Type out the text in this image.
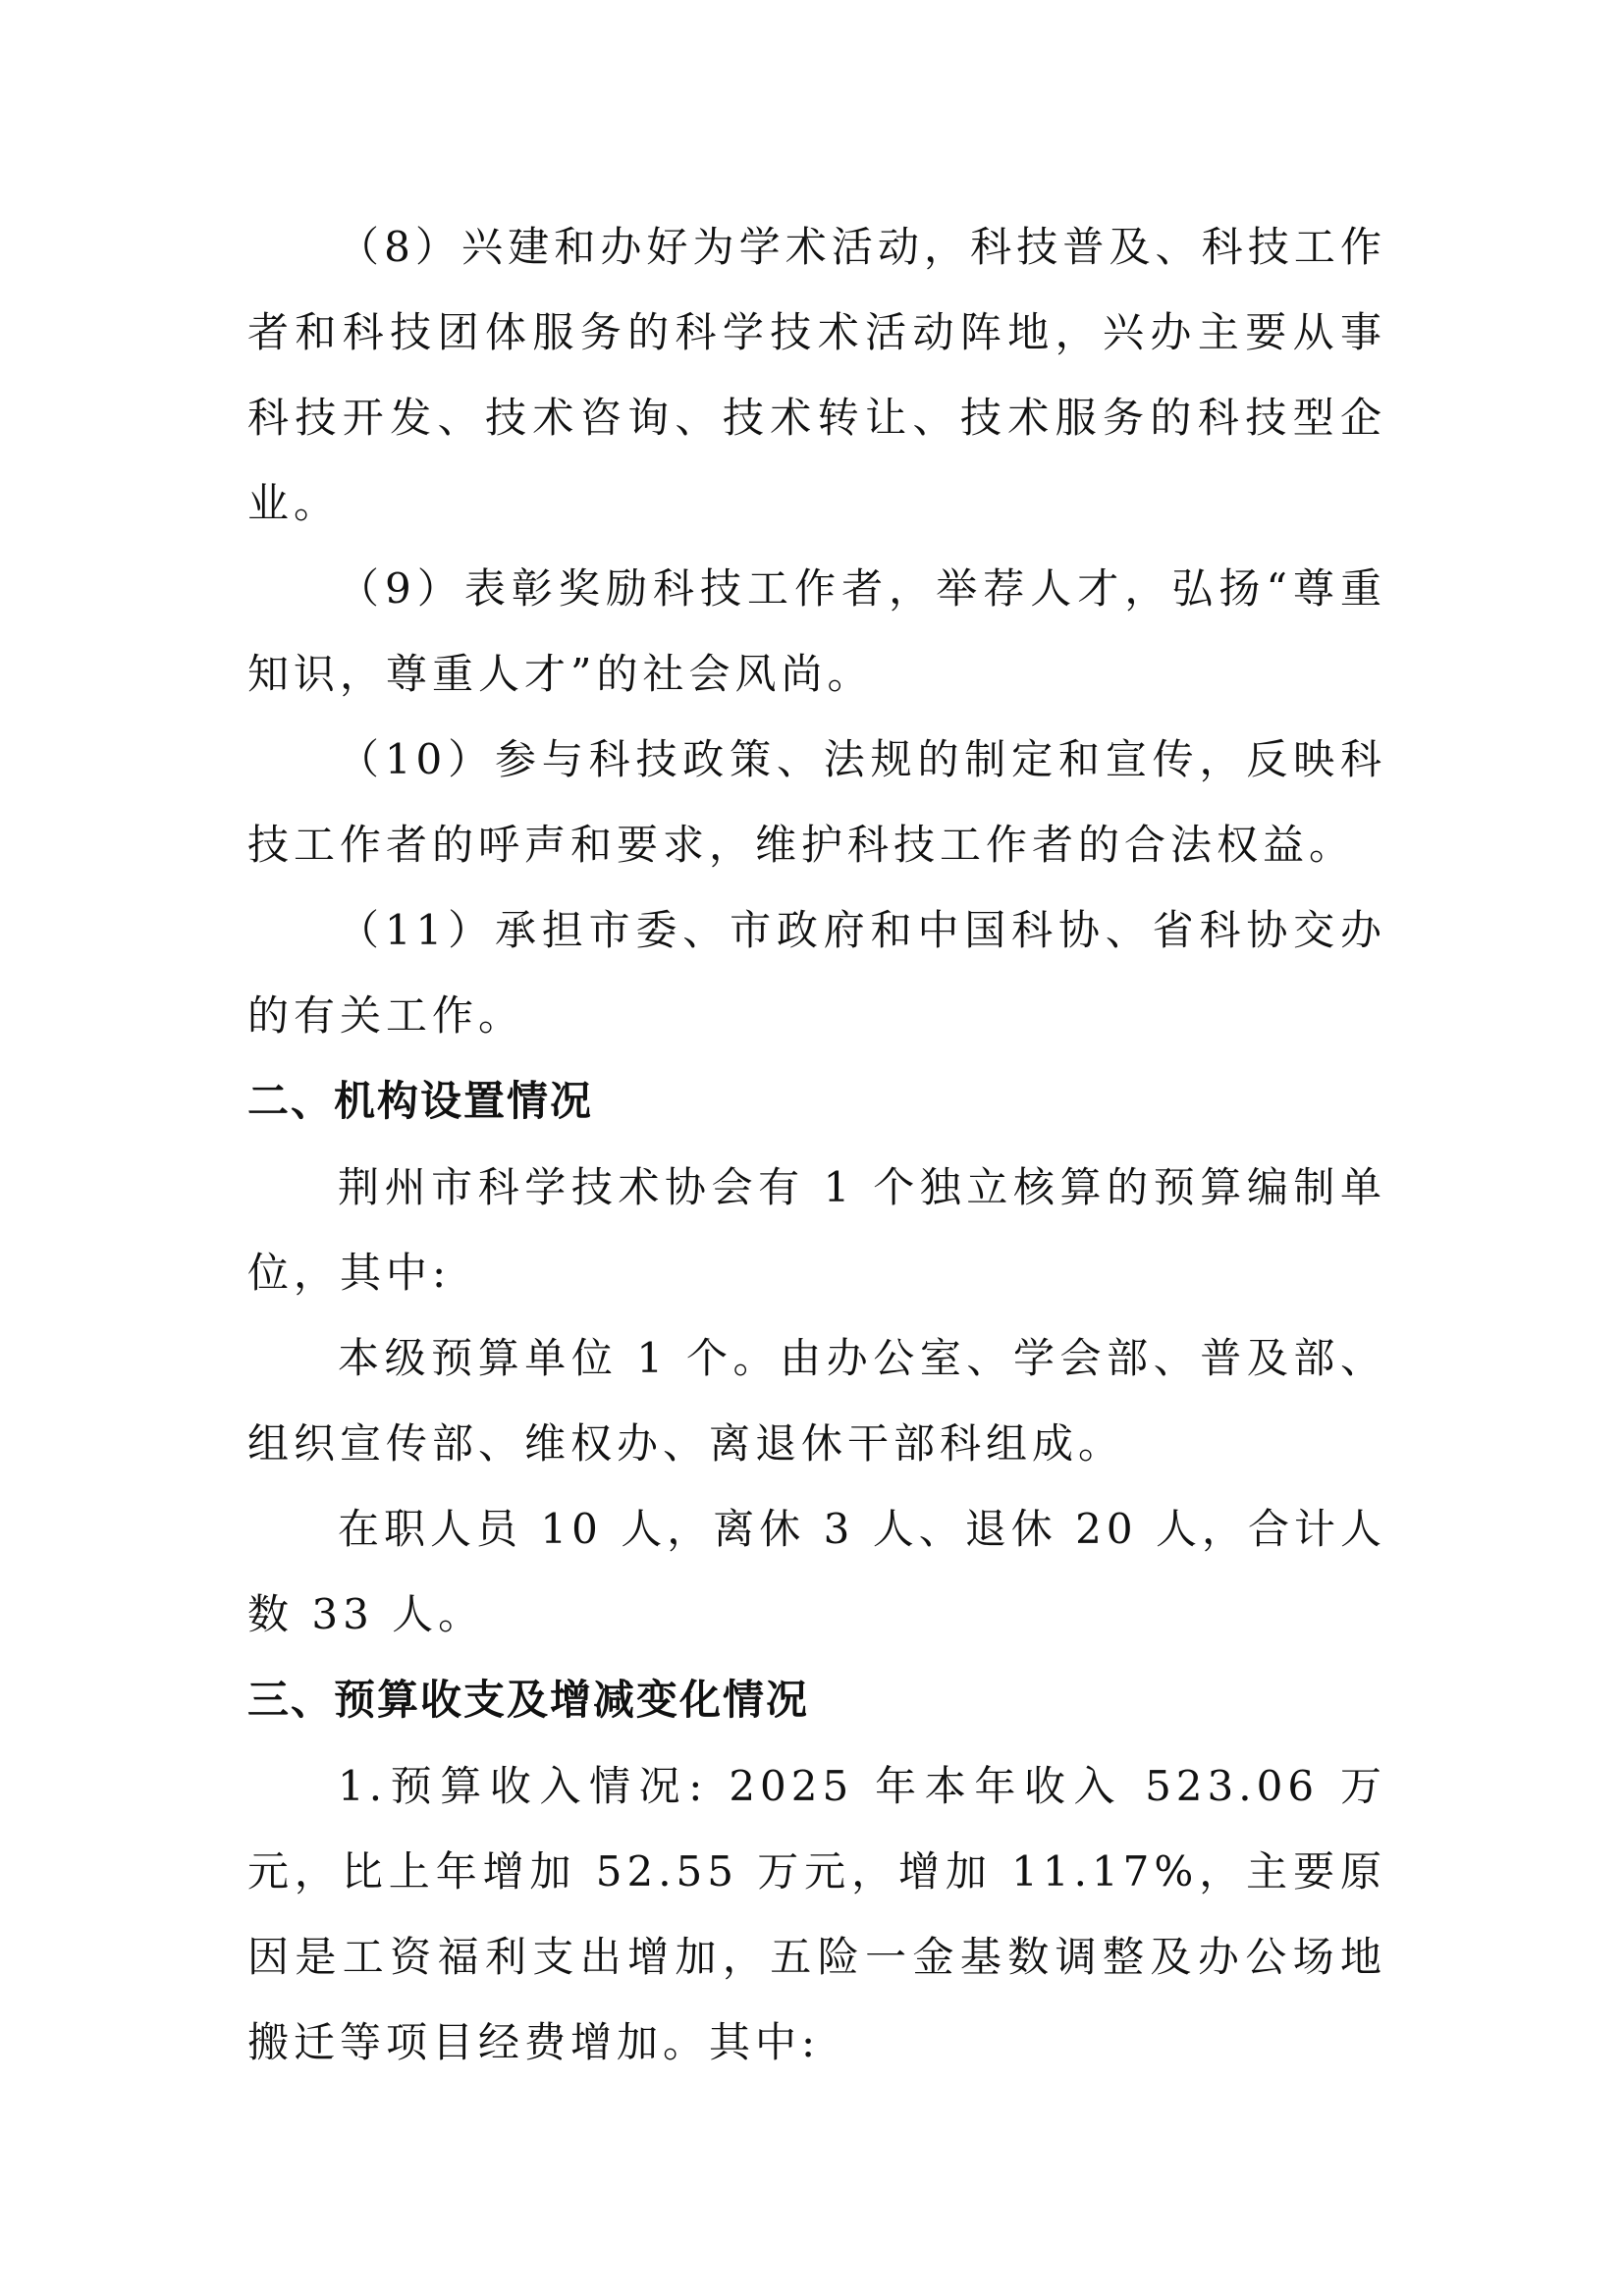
（8）兴建和办好为学术活动，科技普及、科技工作者和科技团体服务的科学技术活动阵地，兴办主要从事科技开发、技术咨询、技术转让、技术服务的科技型企业。

（9）表彰奖励科技工作者，举荐人才，弘扬“尊重知识，尊重人才”的社会风尚。

（10）参与科技政策、法规的制定和宣传，反映科技工作者的呼声和要求，维护科技工作者的合法权益。

（11）承担市委、市政府和中国科协、省科协交办的有关工作。

二、机构设置情况

荆州市科学技术协会有 1 个独立核算的预算编制单位，其中:

本级预算单位 1 个。由办公室、学会部、普及部、组织宣传部、维权办、离退休干部科组成。

在职人员 10 人，离休 3 人、退休 20 人，合计人数 33 人。

三、预算收支及增减变化情况

1.预算收入情况: 2025 年本年收入 523.06 万元，比上年增加 52.55 万元，增加 11.17%，主要原因是工资福利支出增加，五险一金基数调整及办公场地搬迁等项目经费增加。其中:
